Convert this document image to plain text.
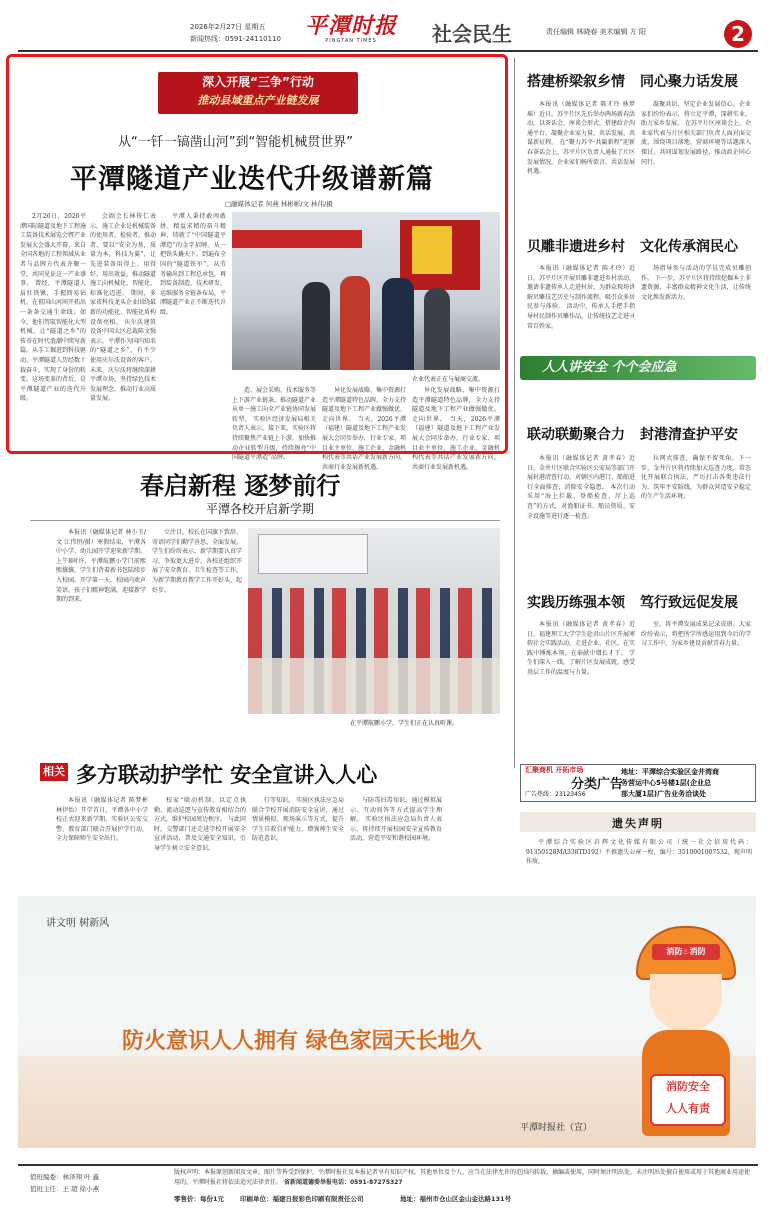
2026年2月27日 星期五
新闻热线：0591-24110110	平潭时报
PINGTAN TIMES	社会民生	责任编辑 林晓春 美术编辑 方 阳	2
深入开展“三争”行动
推动县域重点产业链发展
从“一钎一镐凿山河”到“智能机械贯世界”
平潭隧道产业迭代升级谱新篇
□融媒体记者 何燕 林彬彬/文 林伟/摄

2月26日，2026平潭国际隧道及地下工程施工装备技术展览会暨产业发展大会盛大开幕，来自全国各地的工程领域从业者与品牌方代表齐聚一堂，共同见证这一产业盛事。 曾经，平潭隧道人肩扛铁锹，手握简易钻机，在祖国山河间开拓出一条条交通生命线；如今，他们驾驭智能化大型机械，让“隧道之乡”的传奇在时代浪潮中续写新篇。从手工掘进到科技驱动，平潭隧道人历经数十载奋斗，实现了身份的转变。这场变革的背后，是平潭隧道产业的迭代升级。

会副会长林传仁表示，施工企业是机械装备的使用者，检验者，推动者，要以“安全为基，质量为本，科技为翼”，让先进装备用得上、用得好、用出效益，推动隧道施工向机械化、智能化、标准化迈进。 期间，多家省科技龙头企业围绕最新的功能化、智能化盾构设备亮相。 庆尔沃建筑设备中国大区总裁陈文强表示，平潭作为国内知名的“隧道之乡”，有不少使用庆尔沃设备的客户。未来，庆尔沃将继续深耕平潭市场，坚持绿色技术发展理念，推动行业高质量发展。

平潭人秉持敢闯敢拼、精益求精的奋斗精神，铸就了“中国隧道平潭造”的金字招牌。从一把铁头撬天下，到遍布全国的“隧道铁军”，从劳务输出到工程总承包，再到装备制造、技术研发，运维服务全链条布局，平潭隧道产业正不断迭代升级。

企业代表正在与展商交流。

造、展会采购、技术服务等上下游产业链条，推动隧道产业从单一施工向全产业链协同发展转型。 实验区经济发展局相关负责人表示，接下来，实验区将持续聚焦产业链上下游，加快推动企业转型升级，持续擦亮“中国隧道平潭造”品牌。

异化发展战略，集中资源打造平潭隧道特色品牌，全力支持隧道及地下工程产业做强做优、走向世界。 当天，2026平潭（福建）隧道及地下工程产业发展大会同步举办，行业专家、项目业主单位、施工企业、金融机构代表等共话产业发展新方向，共商行业发展新机遇。

异化发展战略，集中资源打造平潭隧道特色品牌，全力支持隧道及地下工程产业做强做优、走向世界。 当天，2026平潭（福建）隧道及地下工程产业发展大会同步举办，行业专家、项目业主单位、施工企业、金融机构代表等共话产业发展新方向，共商行业发展新机遇。

搭建桥梁叙乡情 同心聚力话发展

本报讯（融媒体记者 陈才玲 林梦瑶）近日，苏平片区先后举办两场新春活动，以茶话会、座谈会形式，搭建政企沟通平台，凝聚企业家力量，共话发展、共谋新征程。 在“聚力苏平·共赢新程”迎新春茶话会上，苏平片区负责人通报了片区发展情况，企业家们畅所欲言，共话发展机遇。

凝聚共识，坚定企业发展信心。企业家们纷纷表示，将立足平潭，深耕实业，助力家乡发展。 在苏平片区座谈会上，企业家代表与片区相关部门负责人面对面交流，围绕项目落地、营商环境等话题深入探讨，共同谋划发展路径，推动政企同心同行。

贝雕非遗进乡村 文化传承润民心

本报讯（融媒体记者 陈才玲）近日，苏平片区开展贝雕非遗进乡村活动，邀请非遗传承人走进村居，为群众现场讲解贝雕技艺历史与制作流程，吸引众多居民参与体验。 活动中，传承人手把手指导村民制作贝雕作品，让传统技艺走进寻常百姓家。

场指导参与活动的学员完成贝雕创作。 下一步，苏平片区将持续挖掘本土非遗资源，丰富群众精神文化生活，让传统文化焕发新活力。

人人讲安全 个个会应急
联动联勤聚合力 封港清查护平安

本报讯（融媒体记者 黄孝春）近日，金井片区联合实验区公安局等部门开展封港清查行动，对辖区内港口、船舶进行全面排查，消除安全隐患。 本次行动采用“海上拦截、登船检查、岸上巡查”的方式，对渔船证书、船员资质、安全设施等进行逐一检查。

拉网式排查，确保不留死角。下一步，金井片区将持续加大巡查力度，常态化开展联合执法，严厉打击各类违法行为，筑牢平安防线，为群众营造安全稳定的生产生活环境。

实践历练强本领 笃行致远促发展

本报讯（融媒体记者 黄孝春）近日，福建理工大学学生赴君山片区开展寒假社会实践活动，走进企业、社区，在实践中锤炼本领，在奉献中增长才干。 学生们深入一线，了解片区发展成就，感受基层工作的温度与力量。

室，将平潭发展成果记录成册。大家纷纷表示，将把所学所感运用到今后的学习工作中，为家乡建设贡献青春力量。

春启新程 逐梦前行
平潭各校开启新学期

本报讯（融媒体记者 林小玉/文 江伟恒/摄）寒假结束，平潭各中小学、幼儿园开学迎来新学期。 上午8时许，平潭航鹏小学门前熙熙攘攘，学生们背着新书包陆续步入校园。开学第一天，校园内欢声笑语，孩子们精神饱满，迎接新学期的到来。

立注目，校长在国旗下致辞，寄语同学们勤学善思、全面发展。 学生们纷纷表示，新学期要认真学习，争取更大进步。各校还组织开展了安全教育、卫生检查等工作，为新学期教育教学工作开好头、起好步。

在平潭航鹏小学，学生们正在认真听课。
相关 多方联动护学忙 安全宣讲入人心

本报讯（融媒体记者 陈梦彬 林伊怡）开学首日，平潭各中小学校正式迎来新学期。实验区公安交警、教育部门联合开展护学行动，全力保障师生安全出行。

校家“联动机制，以定点执勤、流动巡逻与宣传教育相结合的方式，维护校园周边秩序。 与此同时，交警部门还走进学校开展安全宣讲活动，普及交通安全知识，引导学生树立安全意识。

行等知识。 实验区执法应急局联合学校开展消防安全宣讲，通过情景模拟、现场演示等方式，提升学生自救自护能力，增强师生安全防范意识。

与防毒扫毒知识，通过模拟展示、互动问答等方式提高学生理解。 实验区执法应急局负责人表示，将持续开展校园安全宣传教育活动，营造平安和谐校园环境。

汇聚商机 开拓市场
分类广告
广告热线：23123456
地址：平潭综合实验区金井湾商
务营运中心5号楼1层(企业总
部大厦1层)广告业务洽谈处
遗失声明

平潭综合实验区岩辉文化传媒有限公司（统一社会信用代码：91350128MA338TD192）不慎遗失公章一枚，编号：3510001007532，现声明作废。

讲文明 树新风
防火意识人人拥有 绿色家园天长地久
平潭时报社（宣）
消防♨消防
消防安全
人人有责
值班编委：林泽翔 叶 鑫
值班主任：王 超 徐小燕
版权声明：本报原创新闻及文章、图片等皆受到保护，平潭时报社及本报记者享有知识产权。其他单位及个人，应当在法律允许的范围内转载、摘编或使用，同时须注明出处。未注明出处擅自使用或用于其他商业用途使用的，平潭时报社将依法追究法律责任。 省新闻道德委举报电话：0591-87275327
零售价：每份1元 印刷单位：福建日报彩色印刷有限责任公司	地址：福州市仓山区金山金达路131号
